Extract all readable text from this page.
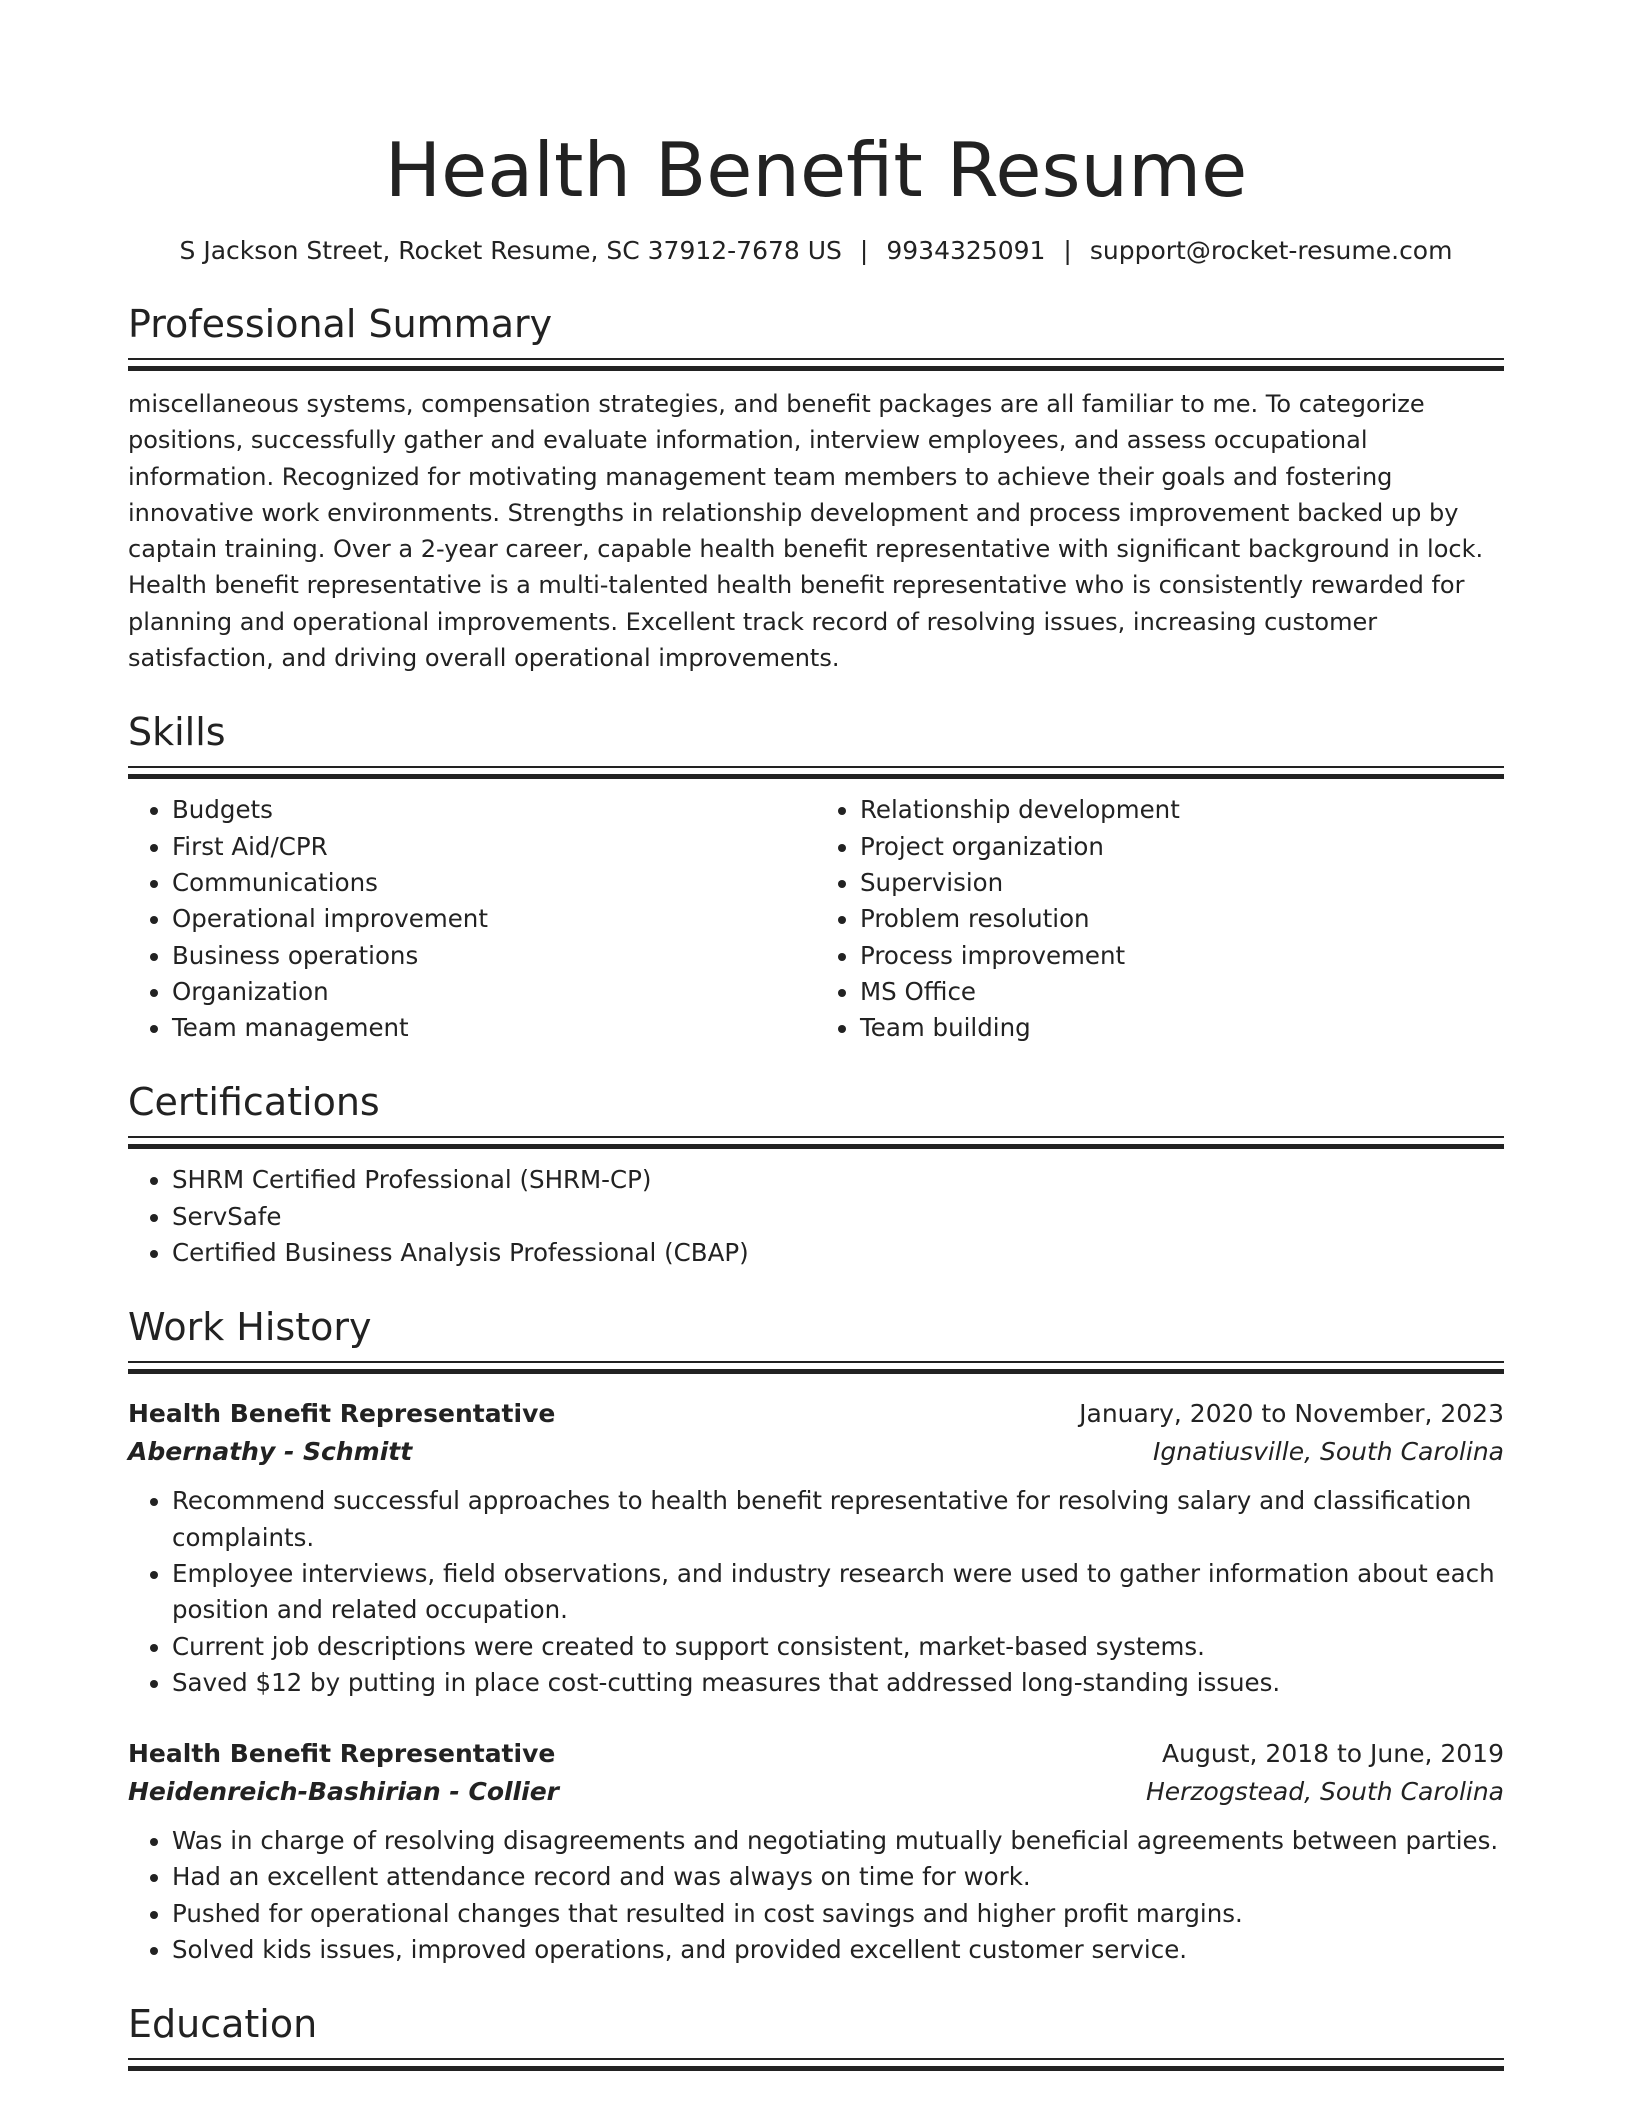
Health Benefit Resume
S Jackson Street, Rocket Resume, SC 37912-7678 US | 9934325091 | support@rocket-resume.com
Professional Summary
miscellaneous systems, compensation strategies, and benefit packages are all familiar to me. To categorize positions, successfully gather and evaluate information, interview employees, and assess occupational information. Recognized for motivating management team members to achieve their goals and fostering innovative work environments. Strengths in relationship development and process improvement backed up by captain training. Over a 2-year career, capable health benefit representative with significant background in lock. Health benefit representative is a multi-talented health benefit representative who is consistently rewarded for planning and operational improvements. Excellent track record of resolving issues, increasing customer satisfaction, and driving overall operational improvements.
Skills
• Budgets
• First Aid/CPR
• Communications
• Operational improvement
• Business operations
• Organization
• Team management
• Relationship development
• Project organization
• Supervision
• Problem resolution
• Process improvement
• MS Office
• Team building
Certifications
• SHRM Certified Professional (SHRM-CP)
• ServSafe
• Certified Business Analysis Professional (CBAP)
Work History
Health Benefit Representative	January, 2020 to November, 2023
Abernathy - Schmitt	Ignatiusville, South Carolina
• Recommend successful approaches to health benefit representative for resolving salary and classification complaints.
• Employee interviews, field observations, and industry research were used to gather information about each position and related occupation.
• Current job descriptions were created to support consistent, market-based systems.
• Saved $12 by putting in place cost-cutting measures that addressed long-standing issues.
Health Benefit Representative	August, 2018 to June, 2019
Heidenreich-Bashirian - Collier	Herzogstead, South Carolina
• Was in charge of resolving disagreements and negotiating mutually beneficial agreements between parties.
• Had an excellent attendance record and was always on time for work.
• Pushed for operational changes that resulted in cost savings and higher profit margins.
• Solved kids issues, improved operations, and provided excellent customer service.
Education
